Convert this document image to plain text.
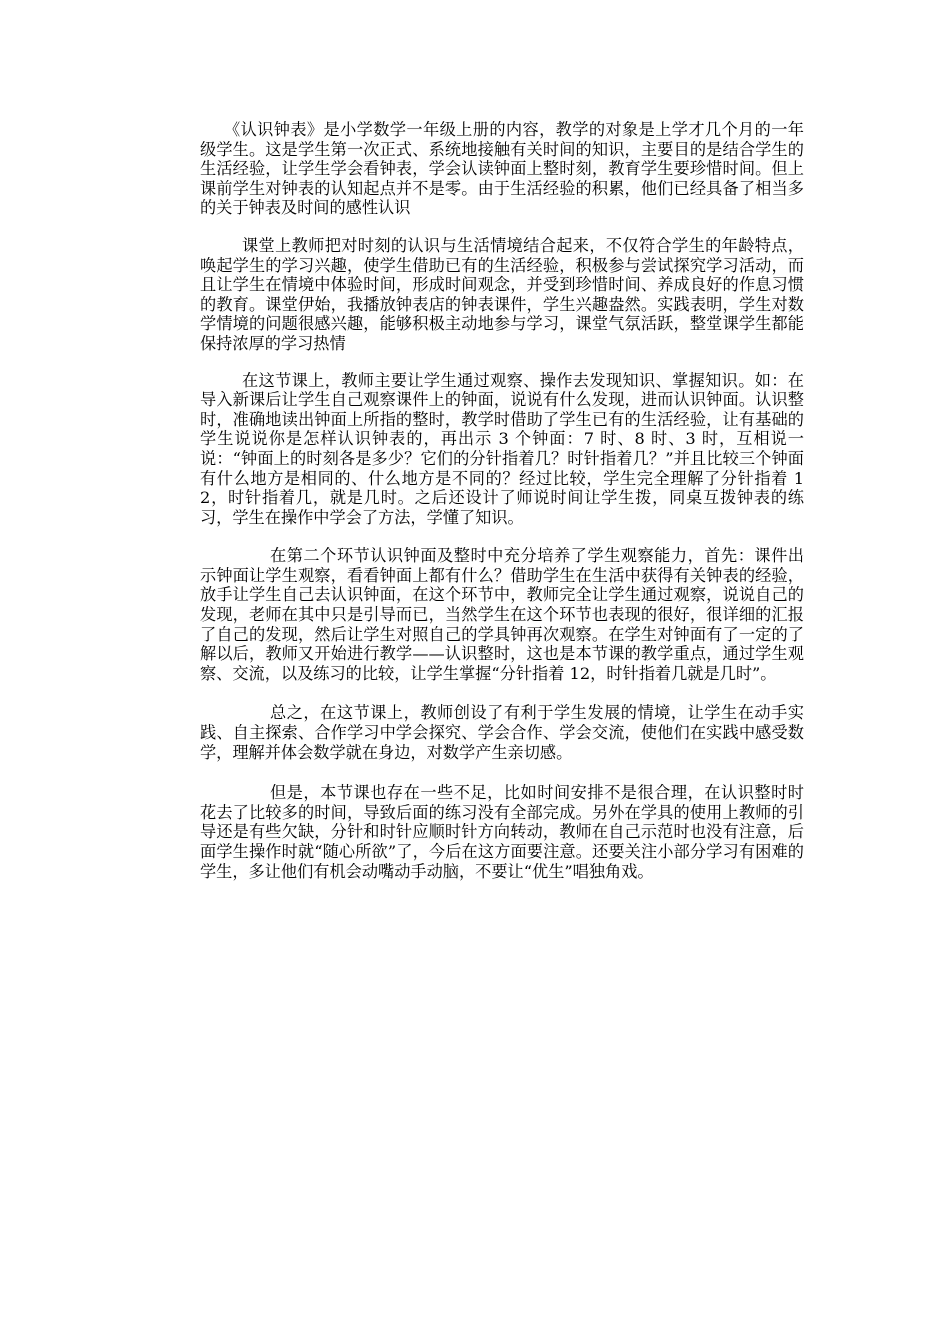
《认识钟表》是小学数学一年级上册的内容，教学的对象是上学才几个月的一年级学生。这是学生第一次正式、系统地接触有关时间的知识，主要目的是结合学生的生活经验，让学生学会看钟表，学会认读钟面上整时刻，教育学生要珍惜时间。但上课前学生对钟表的认知起点并不是零。由于生活经验的积累，他们已经具备了相当多的关于钟表及时间的感性认识

课堂上教师把对时刻的认识与生活情境结合起来，不仅符合学生的年龄特点，唤起学生的学习兴趣，使学生借助已有的生活经验，积极参与尝试探究学习活动，而且让学生在情境中体验时间，形成时间观念，并受到珍惜时间、养成良好的作息习惯的教育。课堂伊始，我播放钟表店的钟表课件，学生兴趣盎然。实践表明，学生对数学情境的问题很感兴趣，能够积极主动地参与学习，课堂气氛活跃，整堂课学生都能保持浓厚的学习热情

在这节课上，教师主要让学生通过观察、操作去发现知识、掌握知识。如：在导入新课后让学生自己观察课件上的钟面，说说有什么发现，进而认识钟面。认识整时，准确地读出钟面上所指的整时，教学时借助了学生已有的生活经验，让有基础的学生说说你是怎样认识钟表的，再出示 3 个钟面：7 时、8 时、3 时，互相说一说：“钟面上的时刻各是多少？它们的分针指着几？时针指着几？”并且比较三个钟面有什么地方是相同的、什么地方是不同的？经过比较，学生完全理解了分针指着 12，时针指着几，就是几时。之后还设计了师说时间让学生拨，同桌互拨钟表的练习，学生在操作中学会了方法，学懂了知识。

在第二个环节认识钟面及整时中充分培养了学生观察能力，首先：课件出示钟面让学生观察，看看钟面上都有什么？借助学生在生活中获得有关钟表的经验，放手让学生自己去认识钟面，在这个环节中，教师完全让学生通过观察，说说自己的发现，老师在其中只是引导而已，当然学生在这个环节也表现的很好，很详细的汇报了自己的发现，然后让学生对照自己的学具钟再次观察。在学生对钟面有了一定的了解以后，教师又开始进行教学——认识整时，这也是本节课的教学重点，通过学生观察、交流，以及练习的比较，让学生掌握“分针指着 12，时针指着几就是几时”。

总之，在这节课上，教师创设了有利于学生发展的情境，让学生在动手实践、自主探索、合作学习中学会探究、学会合作、学会交流，使他们在实践中感受数学，理解并体会数学就在身边，对数学产生亲切感。

但是，本节课也存在一些不足，比如时间安排不是很合理，在认识整时时花去了比较多的时间，导致后面的练习没有全部完成。另外在学具的使用上教师的引导还是有些欠缺，分针和时针应顺时针方向转动，教师在自己示范时也没有注意，后面学生操作时就“随心所欲”了，今后在这方面要注意。还要关注小部分学习有困难的学生，多让他们有机会动嘴动手动脑，不要让“优生”唱独角戏。
